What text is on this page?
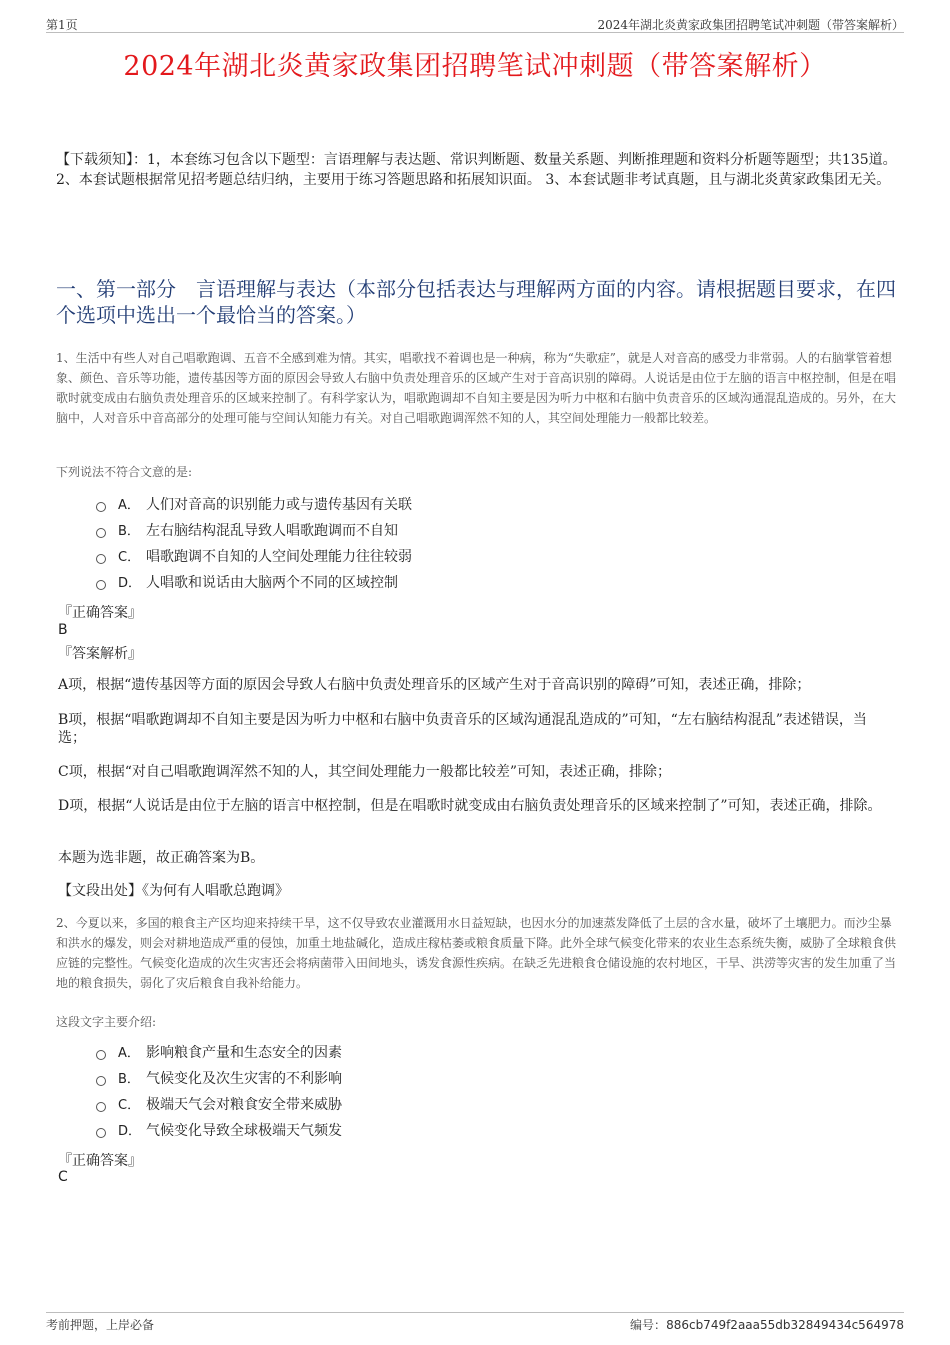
第1页	2024年湖北炎黄家政集团招聘笔试冲刺题（带答案解析）
2024年湖北炎黄家政集团招聘笔试冲刺题（带答案解析）
【下载须知】：1，本套练习包含以下题型：言语理解与表达题、常识判断题、数量关系题、判断推理题和资料分析题等题型；共135道。 2、本套试题根据常见招考题总结归纳，主要用于练习答题思路和拓展知识面。 3、本套试题非考试真题，且与湖北炎黄家政集团无关。
一、第一部分　言语理解与表达（本部分包括表达与理解两方面的内容。请根据题目要求，在四个选项中选出一个最恰当的答案。）
1、生活中有些人对自己唱歌跑调、五音不全感到难为情。其实，唱歌找不着调也是一种病，称为“失歌症”，就是人对音高的感受力非常弱。人的右脑掌管着想象、颜色、音乐等功能，遗传基因等方面的原因会导致人右脑中负责处理音乐的区域产生对于音高识别的障碍。人说话是由位于左脑的语言中枢控制，但是在唱歌时就变成由右脑负责处理音乐的区域来控制了。有科学家认为，唱歌跑调却不自知主要是因为听力中枢和右脑中负责音乐的区域沟通混乱造成的。另外，在大脑中，人对音乐中音高部分的处理可能与空间认知能力有关。对自己唱歌跑调浑然不知的人，其空间处理能力一般都比较差。
下列说法不符合文意的是:
A． 人们对音高的识别能力或与遗传基因有关联
B． 左右脑结构混乱导致人唱歌跑调而不自知
C． 唱歌跑调不自知的人空间处理能力往往较弱
D． 人唱歌和说话由大脑两个不同的区域控制
『正确答案』
B
『答案解析』
A项，根据“遗传基因等方面的原因会导致人右脑中负责处理音乐的区域产生对于音高识别的障碍”可知，表述正确，排除；
B项，根据“唱歌跑调却不自知主要是因为听力中枢和右脑中负责音乐的区域沟通混乱造成的”可知，“左右脑结构混乱”表述错误，当选；
C项，根据“对自己唱歌跑调浑然不知的人，其空间处理能力一般都比较差”可知，表述正确，排除；
D项，根据“人说话是由位于左脑的语言中枢控制，但是在唱歌时就变成由右脑负责处理音乐的区域来控制了”可知，表述正确，排除。
本题为选非题，故正确答案为B。
【文段出处】《为何有人唱歌总跑调》
2、今夏以来，多国的粮食主产区均迎来持续干旱，这不仅导致农业灌溉用水日益短缺，也因水分的加速蒸发降低了土层的含水量，破坏了土壤肥力。而沙尘暴和洪水的爆发，则会对耕地造成严重的侵蚀，加重土地盐碱化，造成庄稼枯萎或粮食质量下降。此外全球气候变化带来的农业生态系统失衡，威胁了全球粮食供应链的完整性。气候变化造成的次生灾害还会将病菌带入田间地头，诱发食源性疾病。在缺乏先进粮食仓储设施的农村地区，干旱、洪涝等灾害的发生加重了当地的粮食损失，弱化了灾后粮食自我补给能力。
这段文字主要介绍:
A． 影响粮食产量和生态安全的因素
B． 气候变化及次生灾害的不利影响
C． 极端天气会对粮食安全带来威胁
D． 气候变化导致全球极端天气频发
『正确答案』
C
考前押题，上岸必备	编号：886cb749f2aaa55db32849434c564978
